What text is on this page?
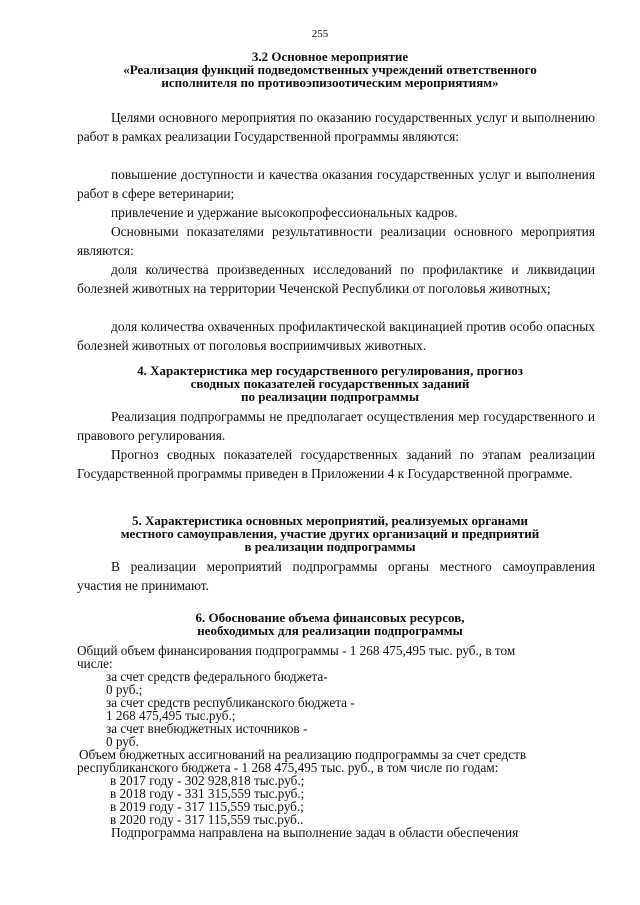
255
3.2 Основное мероприятие
«Реализация функций подведомственных учреждений ответственного
исполнителя по противоэпизоотическим мероприятиям»
Целями основного мероприятия по оказанию государственных услуг и выполнению работ в рамках реализации Государственной программы являются:
повышение доступности и качества оказания государственных услуг и выполнения работ в сфере ветеринарии;
привлечение и удержание высокопрофессиональных кадров.
Основными показателями результативности реализации основного мероприятия являются:
доля количества произведенных исследований по профилактике и ликвидации болезней животных на территории Чеченской Республики от поголовья животных;
доля количества охваченных профилактической вакцинацией против особо опасных болезней животных от поголовья восприимчивых животных.
4. Характеристика мер государственного регулирования, прогноз
сводных показателей государственных заданий
по реализации подпрограммы
Реализация подпрограммы не предполагает осуществления мер государственного и правового регулирования.
Прогноз сводных показателей государственных заданий по этапам реализации Государственной программы приведен в Приложении 4 к Государственной программе.
5. Характеристика основных мероприятий, реализуемых органами
местного самоуправления, участие других организаций и предприятий
в реализации подпрограммы
В реализации мероприятий подпрограммы органы местного самоуправления участия не принимают.
6. Обоснование объема финансовых ресурсов,
необходимых для реализации подпрограммы
Общий объем финансирования подпрограммы - 1 268 475,495 тыс. руб., в том
числе:
за счет средств федерального бюджета-
0 руб.;
за счет средств республиканского бюджета -
1 268 475,495 тыс.руб.;
за счет внебюджетных источников -
0 руб.
Объем бюджетных ассигнований на реализацию подпрограммы за счет средств
республиканского бюджета - 1 268 475,495 тыс. руб., в том числе по годам:
в 2017 году - 302 928,818 тыс.руб.;
в 2018 году - 331 315,559 тыс.руб.;
в 2019 году - 317 115,559 тыс.руб.;
в 2020 году - 317 115,559 тыс.руб..
Подпрограмма направлена на выполнение задач в области обеспечения
